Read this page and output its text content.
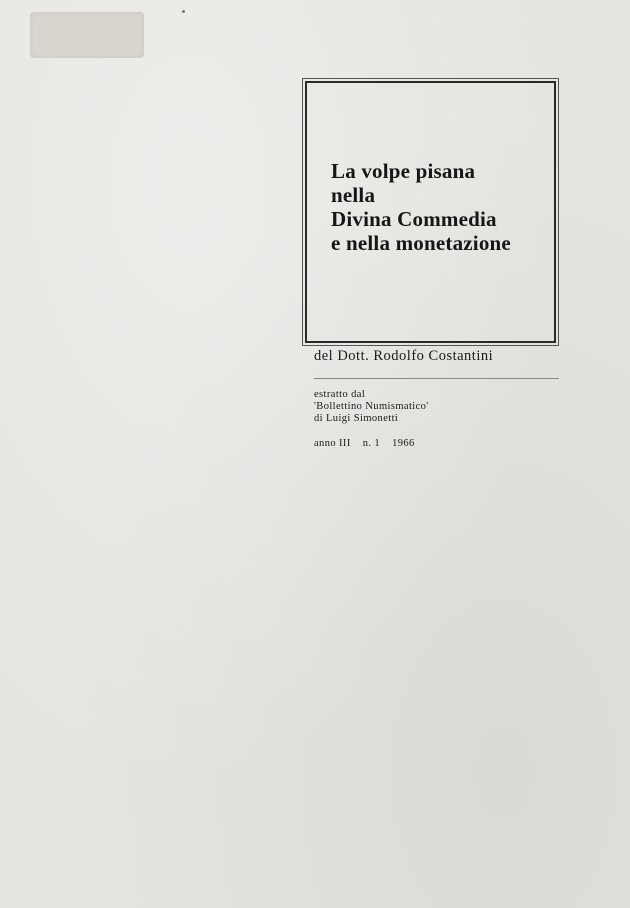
La volpe pisana
nella
Divina Commedia
e nella monetazione
del Dott. Rodolfo Costantini
estratto dal
'Bollettino Numismatico'
di Luigi Simonetti
anno III n. 1 1966
